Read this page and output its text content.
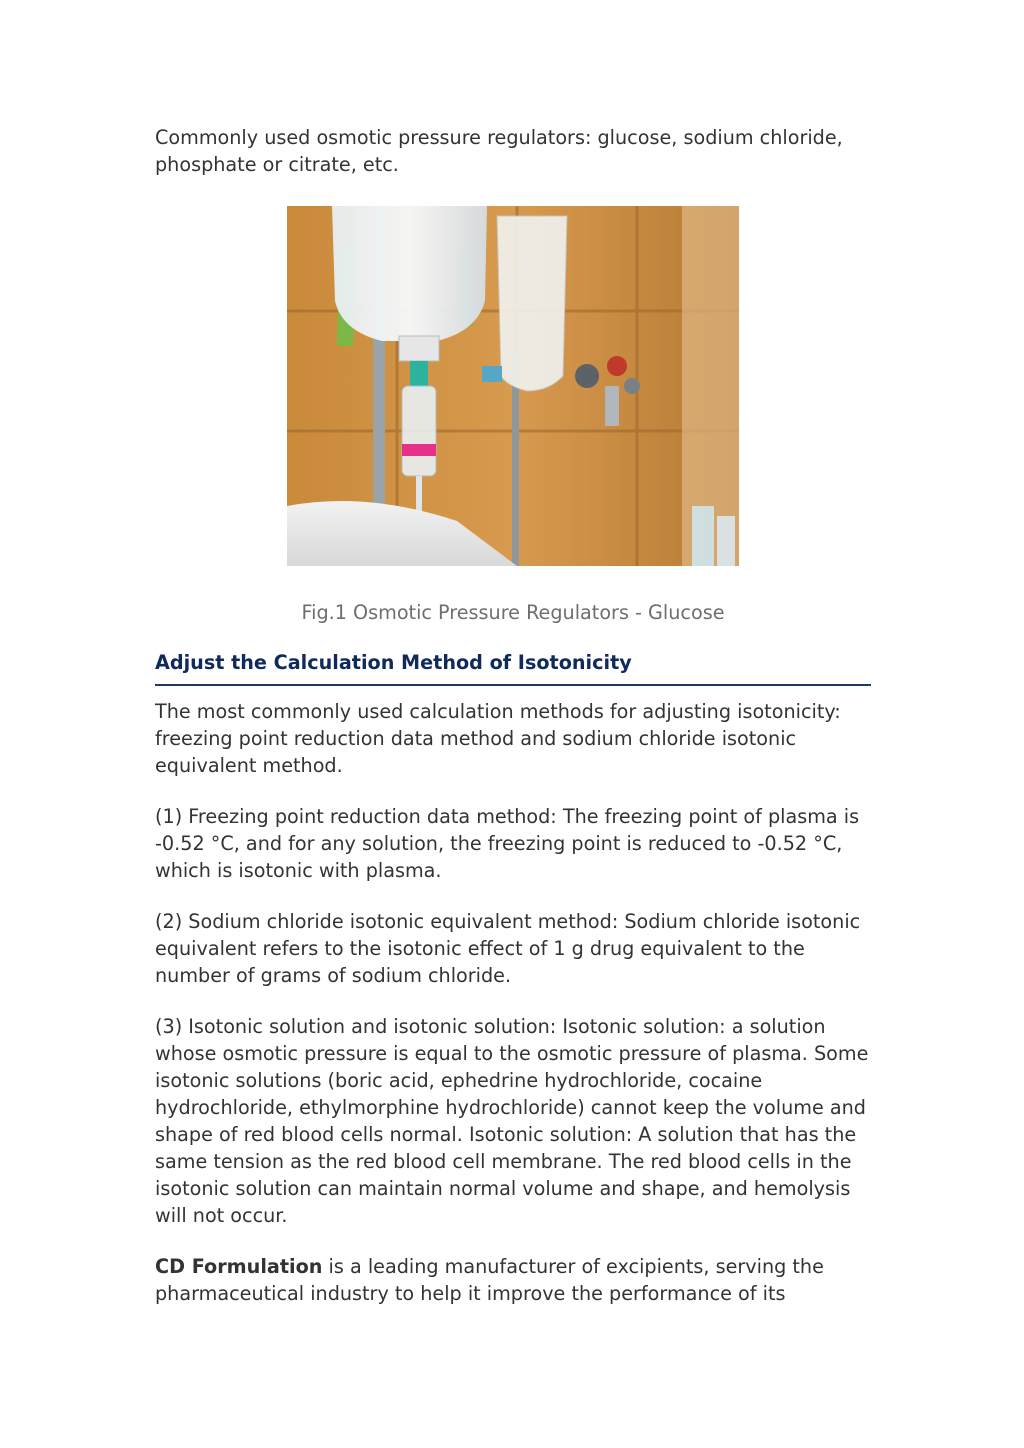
Commonly used osmotic pressure regulators: glucose, sodium chloride, phosphate or citrate, etc.

Fig.1 Osmotic Pressure Regulators - Glucose
Adjust the Calculation Method of Isotonicity

The most commonly used calculation methods for adjusting isotonicity: freezing point reduction data method and sodium chloride isotonic equivalent method.

(1) Freezing point reduction data method: The freezing point of plasma is -0.52 °C, and for any solution, the freezing point is reduced to -0.52 °C, which is isotonic with plasma.

(2) Sodium chloride isotonic equivalent method: Sodium chloride isotonic equivalent refers to the isotonic effect of 1 g drug equivalent to the number of grams of sodium chloride.

(3) Isotonic solution and isotonic solution: Isotonic solution: a solution whose osmotic pressure is equal to the osmotic pressure of plasma. Some isotonic solutions (boric acid, ephedrine hydrochloride, cocaine hydrochloride, ethylmorphine hydrochloride) cannot keep the volume and shape of red blood cells normal. Isotonic solution: A solution that has the same tension as the red blood cell membrane. The red blood cells in the isotonic solution can maintain normal volume and shape, and hemolysis will not occur.

CD Formulation is a leading manufacturer of excipients, serving the pharmaceutical industry to help it improve the performance of its
